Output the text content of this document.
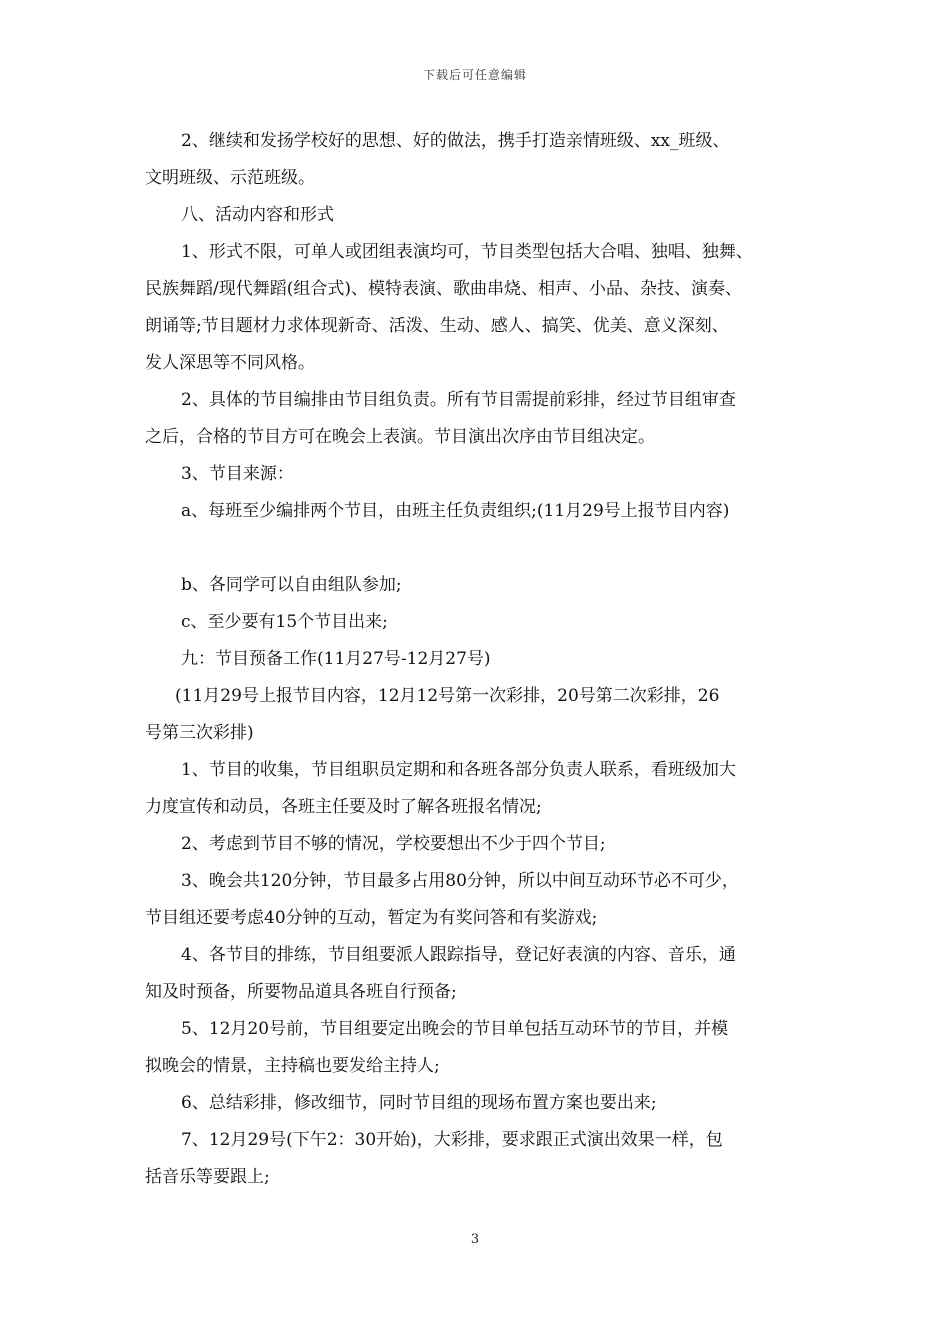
下载后可任意编辑
2、继续和发扬学校好的思想、好的做法，携手打造亲情班级、xx_班级、
文明班级、示范班级。
八、活动内容和形式
1、形式不限，可单人或团组表演均可，节目类型包括大合唱、独唱、独舞、
民族舞蹈/现代舞蹈(组合式)、模特表演、歌曲串烧、相声、小品、杂技、演奏、
朗诵等;节目题材力求体现新奇、活泼、生动、感人、搞笑、优美、意义深刻、
发人深思等不同风格。
2、具体的节目编排由节目组负责。所有节目需提前彩排，经过节目组审查
之后，合格的节目方可在晚会上表演。节目演出次序由节目组决定。
3、节目来源：
a、每班至少编排两个节目，由班主任负责组织;(11月29号上报节目内容)
b、各同学可以自由组队参加;
c、至少要有15个节目出来;
九：节目预备工作(11月27号-12月27号)
(11月29号上报节目内容，12月12号第一次彩排，20号第二次彩排，26
号第三次彩排)
1、节目的收集，节目组职员定期和和各班各部分负责人联系，看班级加大
力度宣传和动员，各班主任要及时了解各班报名情况;
2、考虑到节目不够的情况，学校要想出不少于四个节目;
3、晚会共120分钟，节目最多占用80分钟，所以中间互动环节必不可少，
节目组还要考虑40分钟的互动，暂定为有奖问答和有奖游戏;
4、各节目的排练，节目组要派人跟踪指导，登记好表演的内容、音乐，通
知及时预备，所要物品道具各班自行预备;
5、12月20号前，节目组要定出晚会的节目单包括互动环节的节目，并模
拟晚会的情景，主持稿也要发给主持人;
6、总结彩排，修改细节，同时节目组的现场布置方案也要出来;
7、12月29号(下午2：30开始)，大彩排，要求跟正式演出效果一样，包
括音乐等要跟上;
3
